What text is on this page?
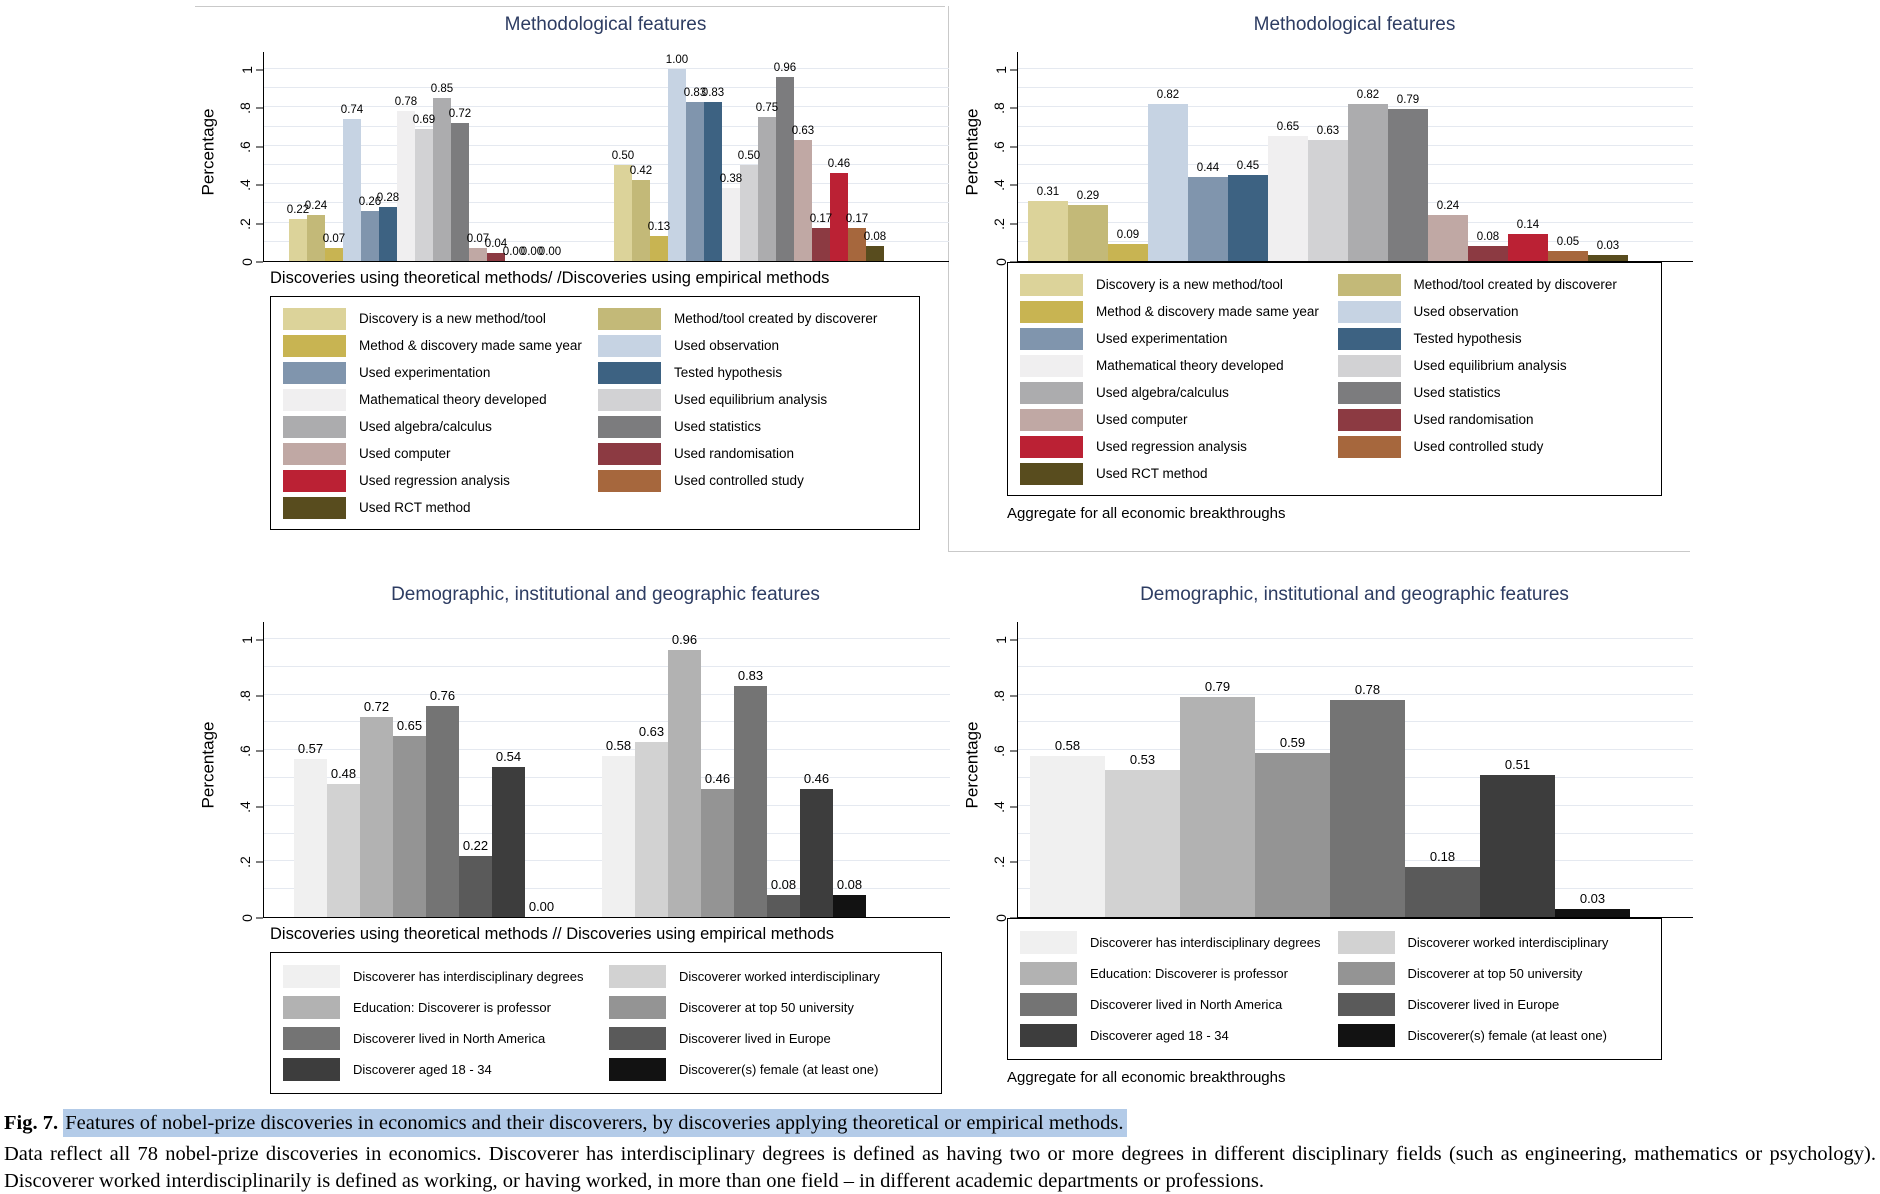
Methodological features
Percentage
0
.2
.4
.6
.8
1
0.22
0.24
0.07
0.74
0.26
0.28
0.78
0.69
0.85
0.72
0.07
0.04
0.00
0.00
0.00
0.50
0.42
0.13
1.00
0.83
0.83
0.38
0.50
0.75
0.96
0.63
0.17
0.46
0.17
0.08
Discoveries using theoretical methods/ /Discoveries using empirical methods
Discovery is a new method/tool	Method/tool created by discoverer
Method & discovery made same year	Used observation
Used experimentation	Tested hypothesis
Mathematical theory developed	Used equilibrium analysis
Used algebra/calculus	Used statistics
Used computer	Used randomisation
Used regression analysis	Used controlled study
Used RCT method
Methodological features
Percentage
0
.2
.4
.6
.8
1
0.31 0.29
0.09
0.82
0.44 0.45
0.65 0.63
0.82 0.79
0.24
0.08
0.14
0.05 0.03
Discovery is a new method/tool	Method/tool created by discoverer
Method & discovery made same year	Used observation
Used experimentation	Tested hypothesis
Mathematical theory developed	Used equilibrium analysis
Used algebra/calculus	Used statistics
Used computer	Used randomisation
Used regression analysis	Used controlled study
Used RCT method
Aggregate for all economic breakthroughs
Demographic, institutional and geographic features
Percentage
0
.2
.4
.6
.8
1
0.57
0.48
0.72
0.65
0.76
0.22
0.54
0.00
0.58
0.63
0.96
0.46
0.83
0.08
0.46
0.08
Discoveries using theoretical methods // Discoveries using empirical methods
Discoverer has interdisciplinary degrees	Discoverer worked interdisciplinary
Education: Discoverer is professor	Discoverer at top 50 university
Discoverer lived in North America	Discoverer lived in Europe
Discoverer aged 18 - 34	Discoverer(s) female (at least one)
Demographic, institutional and geographic features
Percentage
0
.2
.4
.6
.8
1
0.58
0.53
0.79
0.59
0.78
0.18
0.51
0.03
Discoverer has interdisciplinary degrees	Discoverer worked interdisciplinary
Education: Discoverer is professor	Discoverer at top 50 university
Discoverer lived in North America	Discoverer lived in Europe
Discoverer aged 18 - 34	Discoverer(s) female (at least one)
Aggregate for all economic breakthroughs

Fig. 7. Features of nobel-prize discoveries in economics and their discoverers, by discoveries applying theoretical or empirical methods.

Data reflect all 78 nobel-prize discoveries in economics. Discoverer has interdisciplinary degrees is defined as having two or more degrees in different disciplinary fields (such as engineering, mathematics or psychology). Discoverer worked interdisciplinarily is defined as working, or having worked, in more than one field – in different academic departments or professions.
